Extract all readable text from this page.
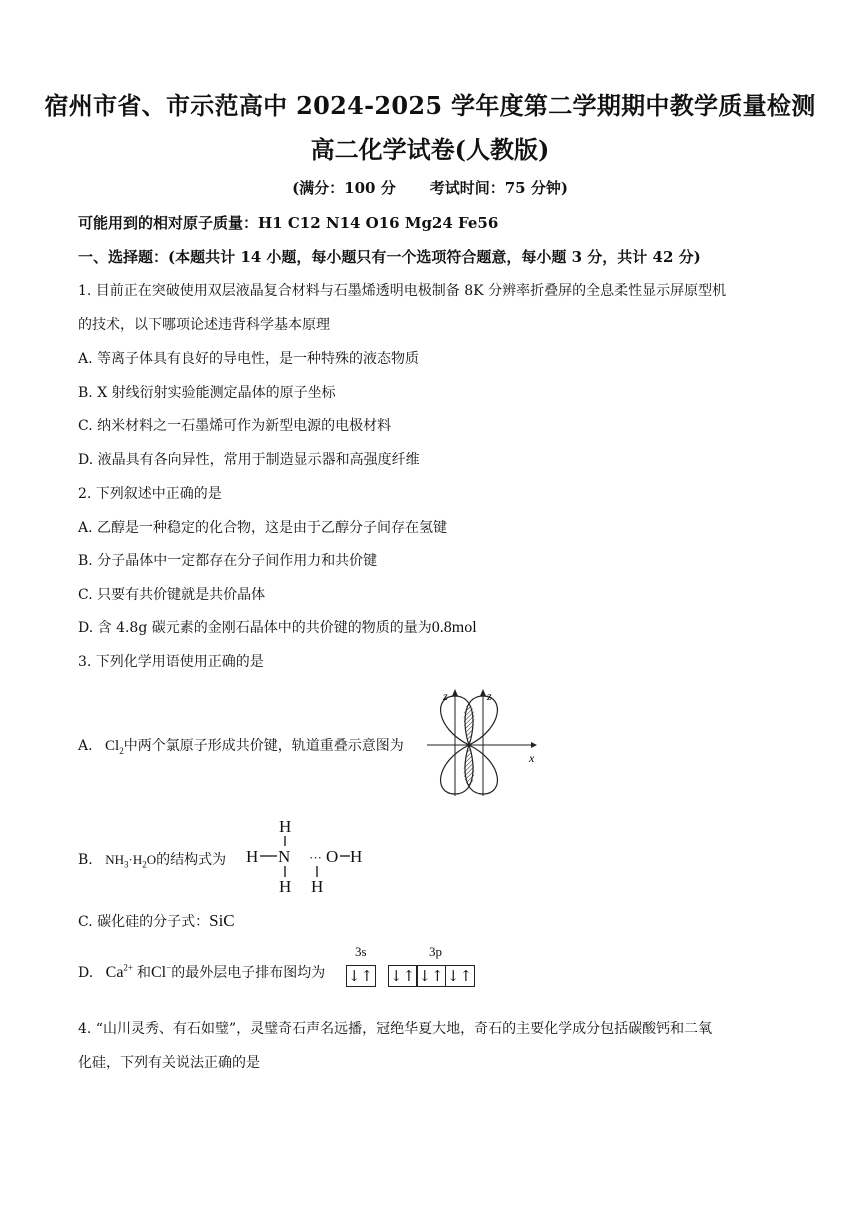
宿州市省、市示范高中 2024-2025 学年度第二学期期中教学质量检测
高二化学试卷(人教版)
(满分：100 分 考试时间：75 分钟)
可能用到的相对原子质量：H1 C12 N14 O16 Mg24 Fe56
一、选择题：(本题共计 14 小题，每小题只有一个选项符合题意，每小题 3 分，共计 42 分)
1. 目前正在突破使用双层液晶复合材料与石墨烯透明电极制备 8K 分辨率折叠屏的全息柔性显示屏原型机
的技术，以下哪项论述违背科学基本原理
A. 等离子体具有良好的导电性，是一种特殊的液态物质
B. X 射线衍射实验能测定晶体的原子坐标
C. 纳米材料之一石墨烯可作为新型电源的电极材料
D. 液晶具有各向异性，常用于制造显示器和高强度纤维
2. 下列叙述中正确的是
A. 乙醇是一种稳定的化合物，这是由于乙醇分子间存在氢键
B. 分子晶体中一定都存在分子间作用力和共价键
C. 只要有共价键就是共价晶体
D. 含 4.8g 碳元素的金刚石晶体中的共价键的物质的量为0.8mol
3. 下列化学用语使用正确的是
A. $Cl_2$中两个氯原子形成共价键，轨道重叠示意图为
z	z
x
B. $NH_3\cdot H_2O$的结构式为
H
H N ··· O H
H H
C. 碳化硅的分子式：SiC
D. $Ca^{2+}$ 和Cl−的最外层电子排布图均为
3s	3p
↓↑ ↓↑ ↓↑ ↓↑
4. “山川灵秀、有石如璧”，灵璧奇石声名远播，冠绝华夏大地，奇石的主要化学成分包括碳酸钙和二氧
化硅，下列有关说法正确的是
